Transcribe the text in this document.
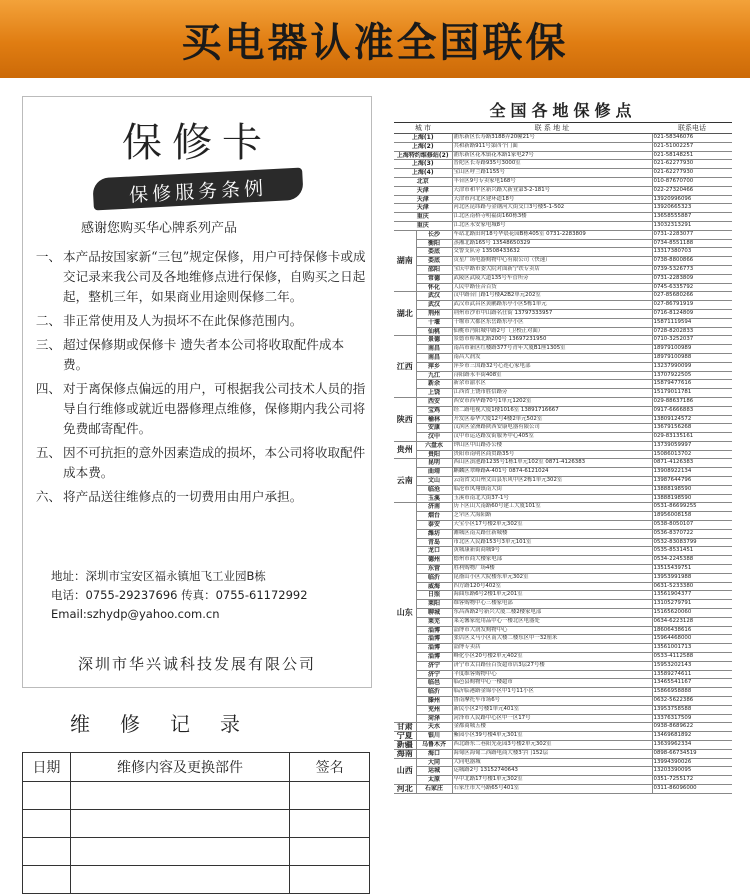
买电器认准全国联保
保修卡
保修服务条例
感谢您购买华心牌系列产品
一、 本产品按国家新“三包”规定保修，用户可持保修卡或成交记录来我公司及各地维修点进行保修，自购买之日起起，整机三年，如果商业用途则保修二年。
二、 非正常使用及人为损坏不在此保修范围内。
三、 超过保修期或保修卡 遗失者本公司将收取配件成本费。
四、 对于离保修点偏远的用户，可根据我公司技术人员的指导自行维修或就近电器修理点维修，保修期内我公司将免费邮寄配件。
五、 因不可抗拒的意外因素造成的损坏，本公司将收取配件成本费。
六、 将产品送往维修点的一切费用由用户承担。
地址：深圳市宝安区福永镇旭飞工业园B栋
电话：0755-29237696 传真：0755-61172992
Email:szhydp@yahoo.com.cn
深圳市华兴诚科技发展有限公司
维修记录
日期	维修内容及更换部件	签名

全国各地保修点
城 市		联 系 地 址	联系电话
上海(1)		浦东新区长寿路3188弄20幢21号	021-58346076
上海(2)		共和新路911号第四个门面	021-51002257
上海特约维修站(2)		浦东新区花木镇花木路1家电27号	021-58148251
上海(3)		普陀区长寿路935号3000室	021-62277930
上海(4)		宝山区呼兰路1155号	021-62277930
北京		丰台区9号专卖家电168号	010-87670700
天津		天津市和平区新兴路大新业第3-2-181号	022-27320466
天津		天津市河北区建环道18号	13920996096
天津		河北区昆纬路与金钢河大街交口3号楼5-1-502	13920665323
重庆		江北区南桥寺明福街160栋3楼	13658555887
重庆		江北区永安家电城8号	13032313291
湖南	长沙	车站北路田时18号华晨花园B栋405室 0731-2283809	0731-2283077
	衡阳	蒸湘北路165号 13548650329	0734-8551188
	娄底	交警支队旁 13508433632	13317380703
	娄底	贡星广场电器购物中心有限公司（快速）	0738-8800866
	邵阳	宝庆中路市委大院对面新宁铁专卖店	0739-5326773
	常德	武陵区武陵大道135号车管所旁	0731-2283809
	怀化	人民中路佳音百货	0745-6335792
湖北	武汉	汉中路台门路1号楼A2B2单元202室	027-85680266
	武汉	武汉市武昌区黄鹂路东亭小区5栋1单元	027-86791919
	荆州	荆州市沙市中山路名仕街 13797333957	0716-8124809
	十堰	十堰市大都区东岳路东亭小区	15871119594
	仙桃	仙桃市沔阳城中路2号（卫校正对面）	0728-8202833
江西	景德	景德市桥城北路200号 13697231950	0710-3252037
	南昌	南昌市新区红楼路377号青年大厦B1座1305室	18979100989
	南昌	南昌大润发	18979100988
	萍乡	萍乡市三国路32号心连心家电部	13237990099
	九江	浔阳路永丰街408室	13707922505
	新余	新余市渝水区	15879477616
	上饶	江西省上饶市胜信路旁	15179011781
陕西	西安	西安市西华路70号1单元1202室	029-88637186
	宝鸡	经二路电视大厦1楼1016室 13891716667	0917-6666883
	榆林	开发区泰华大厦12号4楼2单元502室	13809124572
	安康	汉滨区金洲路陕西安康电器有限公司	13679156268
	汉中	汉中市运达路发街服务中心405室	029-83135161
贵州	六盘水	钟山区中山路办公楼	13739059997
	贵阳	贵阳市南明区商贸路35号	15086013702
云南	昆明	西山区滇池路1235号1栋1单元102室 0871-4126383	0871-4126383
	曲靖	麒麟区翠峰路A-401号 0874-6121024	13908922134
	文山	云南省文山州文山县东风中区2栋1单元302室	13987644796
	临沧	临沧市凤翔镇南大街	13888198590
	玉溪	玉溪市南北大街37-1号	13888198590
山东	济南	历下区山大南路60号建工大厦101室	0531-86699255
	烟台	芝罘区大海阳路	18956008158
	泰安	天宝小区17号楼2单元302室	0538-8050107
	潍坊	潍城区南关路仕新城楼	0536-8370722
	青岛	市北区人民路153号3单元101室	0532-83083799
	龙口	黄城康新街商城9号	0535-8531451
	德州	德州市商大楼家电部	0534-2245388
	东营	胜利购物广场4楼	13515439751
	临沂	昆嵛山小区大院楼东单元302室	13953991988
	威海	四方路120号402室	0631-5233380
	日照	海曲东路6号2楼1单元201室	13561904377
	莱阳	维客购物中心三楼家电部	13105279791
	聊城	东昌西路2号新兴大厦二楼2楼家电部	15165620060
	莱芜	莱芜馨家庭用品中心一楼北区电器处	0634-6223128
	淄博	淄博市大润发购物中心	18606438616
	淄博	张店区义马小区南大楼二楼东区甲一32厘米	15964468000
	淄博	淄博专卖店	13561001713
	淄博	峰化小区20号楼2单元402室	0533-4112588
	济宁	济宁市太白路佳百货超市店3层27号楼	15953202143
	济宁	平度维客购物中心	13589274611
	临邑	临邑县购物中心一楼超市	13465541167
	临沂	临沂临港路金锦小区甲1号11小区	15866958888
	滕州	鲁南摩托车市场6号	0632-5622386
	兖州	新民小区2号楼1单元401室	13953758588
	菏泽	菏泽市人民路中心区甲一区17号	13376317509
甘肃	天水	金都商城五楼	0938-8689622
宁夏	银川	紫园小区39号楼4单元301室	13469681892
新疆	乌鲁木齐	西北路东二巷阳光花园3号楼2单元302室	13639962334
海南	海口	海甸区海甸二西路电商大楼3字门152层	0898-66734519
山西	大同	大同电器城	13994390026
	运城	运城路2号 13152740643	13203390095
	太原	早中北路17号楼1单元302室	0351-7255172
河北	石家庄	石家庄市大马路65号401室	0311-86096000
